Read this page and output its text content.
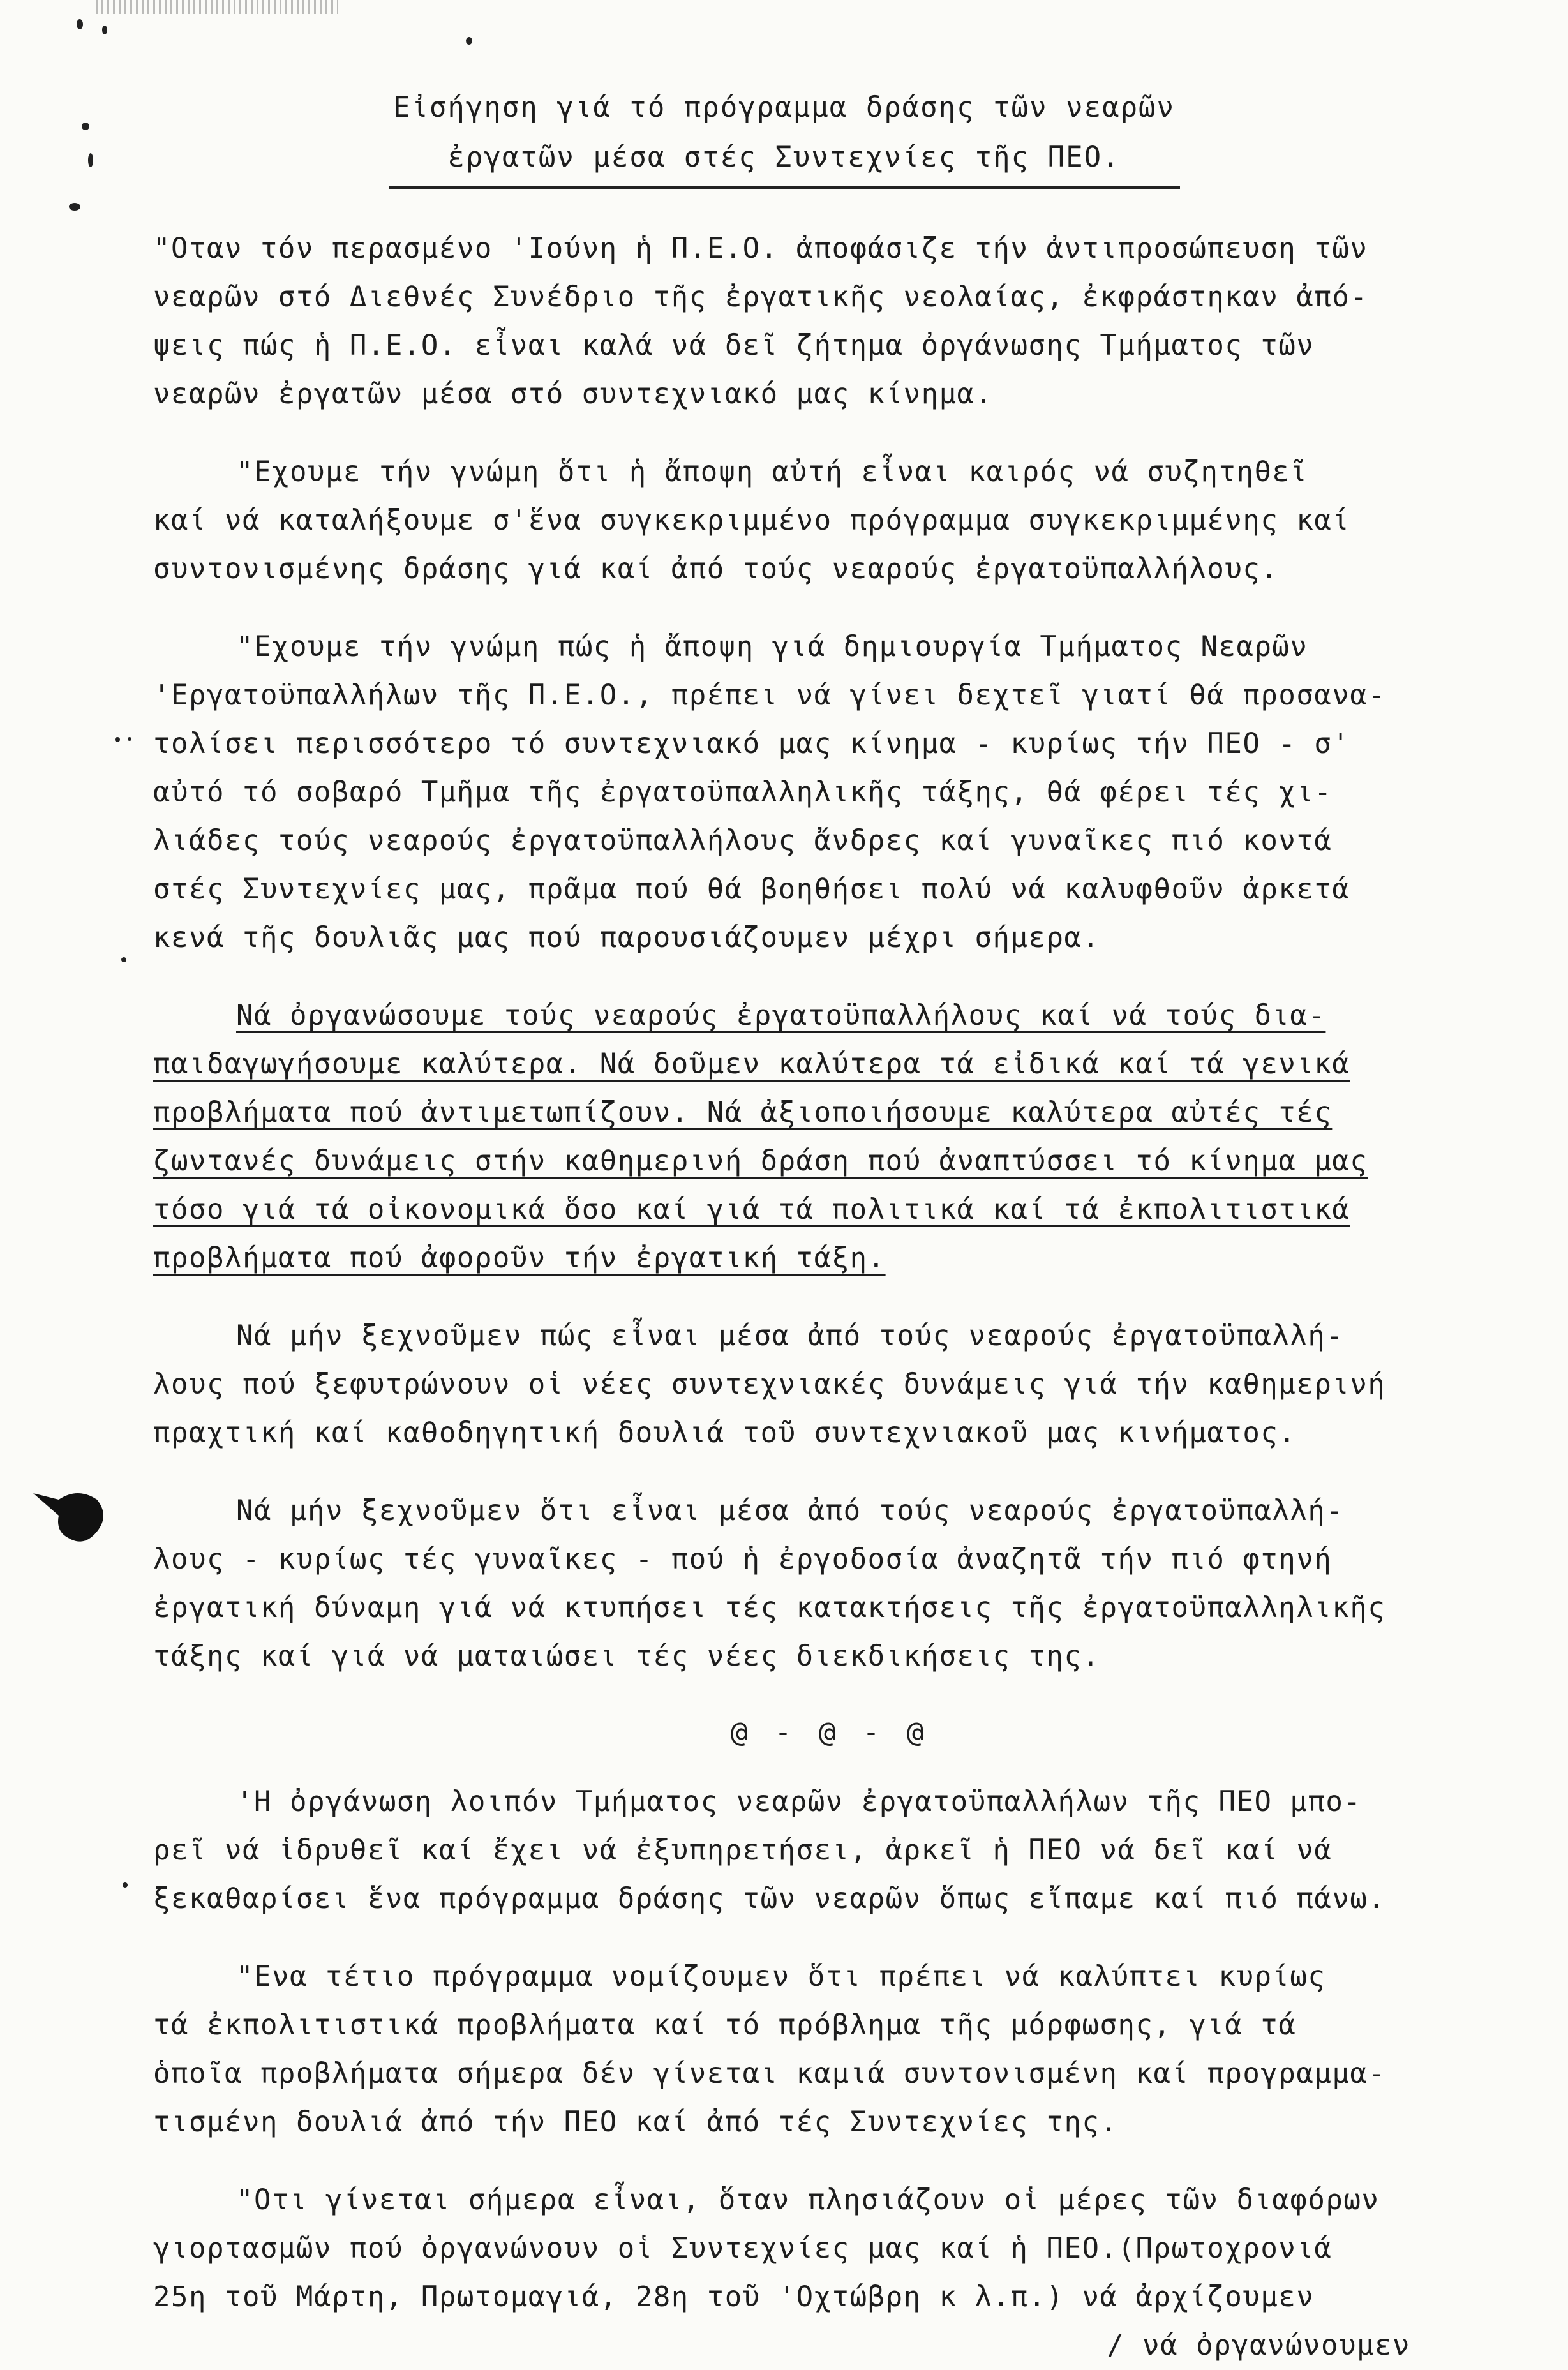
Εἰσήγηση γιά τό πρόγραμμα δράσης τῶν νεαρῶν
ἐργατῶν μέσα στές Συντεχνίες τῆς ΠΕΟ.
"Οταν τόν περασμένο 'Ιούνη ἡ Π.Ε.Ο. ἀποφάσιζε τήν ἀντιπροσώπευση τῶν
νεαρῶν στό Διεθνές Συνέδριο τῆς ἐργατικῆς νεολαίας, ἐκφράστηκαν ἀπό-
ψεις πώς ἡ Π.Ε.Ο. εἶναι καλά νά δεῖ ζήτημα ὀργάνωσης Τμήματος τῶν
νεαρῶν ἐργατῶν μέσα στό συντεχνιακό μας κίνημα.
"Εχουμε τήν γνώμη ὅτι ἡ ἄποψη αὐτή εἶναι καιρός νά συζητηθεῖ
καί νά καταλήξουμε σ'ἕνα συγκεκριμμένο πρόγραμμα συγκεκριμμένης καί
συντονισμένης δράσης γιά καί ἀπό τούς νεαρούς ἐργατοϋπαλλήλους.
"Εχουμε τήν γνώμη πώς ἡ ἄποψη γιά δημιουργία Τμήματος Νεαρῶν
'Εργατοϋπαλλήλων τῆς Π.Ε.Ο., πρέπει νά γίνει δεχτεῖ γιατί θά προσανα-
τολίσει περισσότερο τό συντεχνιακό μας κίνημα - κυρίως τήν ΠΕΟ - σ'
αὐτό τό σοβαρό Τμῆμα τῆς ἐργατοϋπαλληλικῆς τάξης, θά φέρει τές χι-
λιάδες τούς νεαρούς ἐργατοϋπαλλήλους ἄνδρες καί γυναῖκες πιό κοντά
στές Συντεχνίες μας, πρᾶμα πού θά βοηθήσει πολύ νά καλυφθοῦν ἀρκετά
κενά τῆς δουλιᾶς μας πού παρουσιάζουμεν μέχρι σήμερα.
Νά ὀργανώσουμε τούς νεαρούς ἐργατοϋπαλλήλους καί νά τούς δια-
παιδαγωγήσουμε καλύτερα. Νά δοῦμεν καλύτερα τά εἰδικά καί τά γενικά
προβλήματα πού ἀντιμετωπίζουν. Νά ἀξιοποιήσουμε καλύτερα αὐτές τές
ζωντανές δυνάμεις στήν καθημερινή δράση πού ἀναπτύσσει τό κίνημα μας
τόσο γιά τά οἰκονομικά ὅσο καί γιά τά πολιτικά καί τά ἐκπολιτιστικά
προβλήματα πού ἀφοροῦν τήν ἐργατική τάξη.
Νά μήν ξεχνοῦμεν πώς εἶναι μέσα ἀπό τούς νεαρούς ἐργατοϋπαλλή-
λους πού ξεφυτρώνουν οἱ νέες συντεχνιακές δυνάμεις γιά τήν καθημερινή
πραχτική καί καθοδηγητική δουλιά τοῦ συντεχνιακοῦ μας κινήματος.
Νά μήν ξεχνοῦμεν ὅτι εἶναι μέσα ἀπό τούς νεαρούς ἐργατοϋπαλλή-
λους - κυρίως τές γυναῖκες - πού ἡ ἐργοδοσία ἀναζητᾶ τήν πιό φτηνή
ἐργατική δύναμη γιά νά κτυπήσει τές κατακτήσεις τῆς ἐργατοϋπαλληλικῆς
τάξης καί γιά νά ματαιώσει τές νέες διεκδικήσεις της.
@ - @ - @
'Η ὀργάνωση λοιπόν Τμήματος νεαρῶν ἐργατοϋπαλλήλων τῆς ΠΕΟ μπο-
ρεῖ νά ἱδρυθεῖ καί ἔχει νά ἐξυπηρετήσει, ἀρκεῖ ἡ ΠΕΟ νά δεῖ καί νά
ξεκαθαρίσει ἕνα πρόγραμμα δράσης τῶν νεαρῶν ὅπως εἴπαμε καί πιό πάνω.
"Ενα τέτιο πρόγραμμα νομίζουμεν ὅτι πρέπει νά καλύπτει κυρίως
τά ἐκπολιτιστικά προβλήματα καί τό πρόβλημα τῆς μόρφωσης, γιά τά
ὁποῖα προβλήματα σήμερα δέν γίνεται καμιά συντονισμένη καί προγραμμα-
τισμένη δουλιά ἀπό τήν ΠΕΟ καί ἀπό τές Συντεχνίες της.
"Οτι γίνεται σήμερα εἶναι, ὅταν πλησιάζουν οἱ μέρες τῶν διαφόρων
γιορτασμῶν πού ὀργανώνουν οἱ Συντεχνίες μας καί ἡ ΠΕΟ.(Πρωτοχρονιά
25η τοῦ Μάρτη, Πρωτομαγιά, 28η τοῦ 'Οχτώβρη κ λ.π.) νά ἀρχίζουμεν
/ νά ὀργανώνουμεν
